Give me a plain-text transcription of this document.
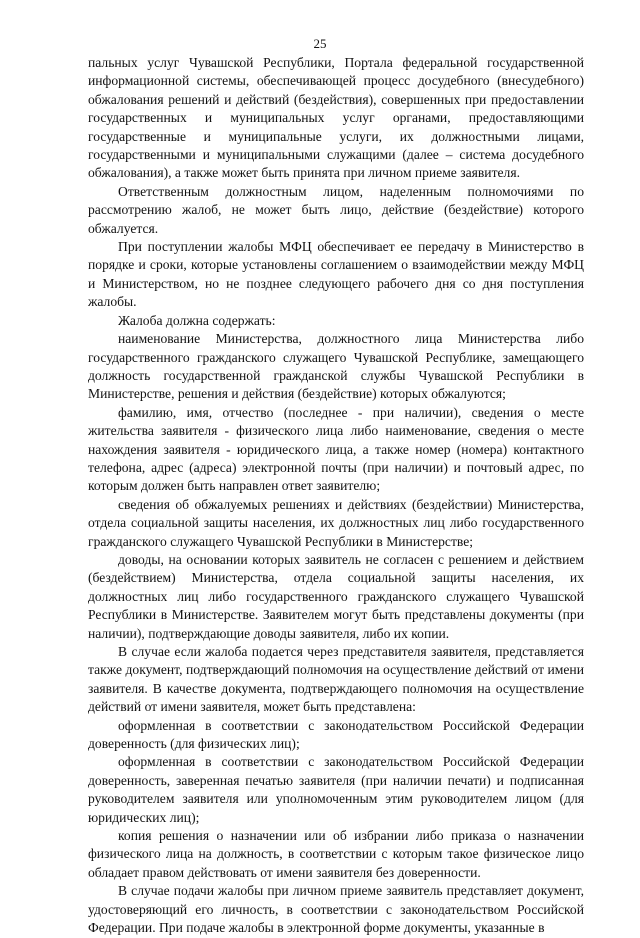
25

пальных услуг Чувашской Республики, Портала федеральной государственной информационной системы, обеспечивающей процесс досудебного (внесудебного) обжалования решений и действий (бездействия), совершенных при предоставлении государственных и муниципальных услуг органами, предоставляющими государственные и муниципальные услуги, их должностными лицами, государственными и муниципальными служащими (далее – система досудебного обжалования), а также может быть принята при личном приеме заявителя.

Ответственным должностным лицом, наделенным полномочиями по рассмотрению жалоб, не может быть лицо, действие (бездействие) которого обжалуется.

При поступлении жалобы МФЦ обеспечивает ее передачу в Министерство в порядке и сроки, которые установлены соглашением о взаимодействии между МФЦ и Министерством, но не позднее следующего рабочего дня со дня поступления жалобы.

Жалоба должна содержать:

наименование Министерства, должностного лица Министерства либо государственного гражданского служащего Чувашской Республике, замещающего должность государственной гражданской службы Чувашской Республики в Министерстве, решения и действия (бездействие) которых обжалуются;

фамилию, имя, отчество (последнее - при наличии), сведения о месте жительства заявителя - физического лица либо наименование, сведения о месте нахождения заявителя - юридического лица, а также номер (номера) контактного телефона, адрес (адреса) электронной почты (при наличии) и почтовый адрес, по которым должен быть направлен ответ заявителю;

сведения об обжалуемых решениях и действиях (бездействии) Министерства, отдела социальной защиты населения, их должностных лиц либо государственного гражданского служащего Чувашской Республики в Министерстве;

доводы, на основании которых заявитель не согласен с решением и действием (бездействием) Министерства, отдела социальной защиты населения, их должностных лиц либо государственного гражданского служащего Чувашской Республики в Министерстве. Заявителем могут быть представлены документы (при наличии), подтверждающие доводы заявителя, либо их копии.

В случае если жалоба подается через представителя заявителя, представляется также документ, подтверждающий полномочия на осуществление действий от имени заявителя. В качестве документа, подтверждающего полномочия на осуществление действий от имени заявителя, может быть представлена:

оформленная в соответствии с законодательством Российской Федерации доверенность (для физических лиц);

оформленная в соответствии с законодательством Российской Федерации доверенность, заверенная печатью заявителя (при наличии печати) и подписанная руководителем заявителя или уполномоченным этим руководителем лицом (для юридических лиц);

копия решения о назначении или об избрании либо приказа о назначении физического лица на должность, в соответствии с которым такое физическое лицо обладает правом действовать от имени заявителя без доверенности.

В случае подачи жалобы при личном приеме заявитель представляет документ, удостоверяющий его личность, в соответствии с законодательством Российской Федерации. При подаче жалобы в электронной форме документы, указанные в
